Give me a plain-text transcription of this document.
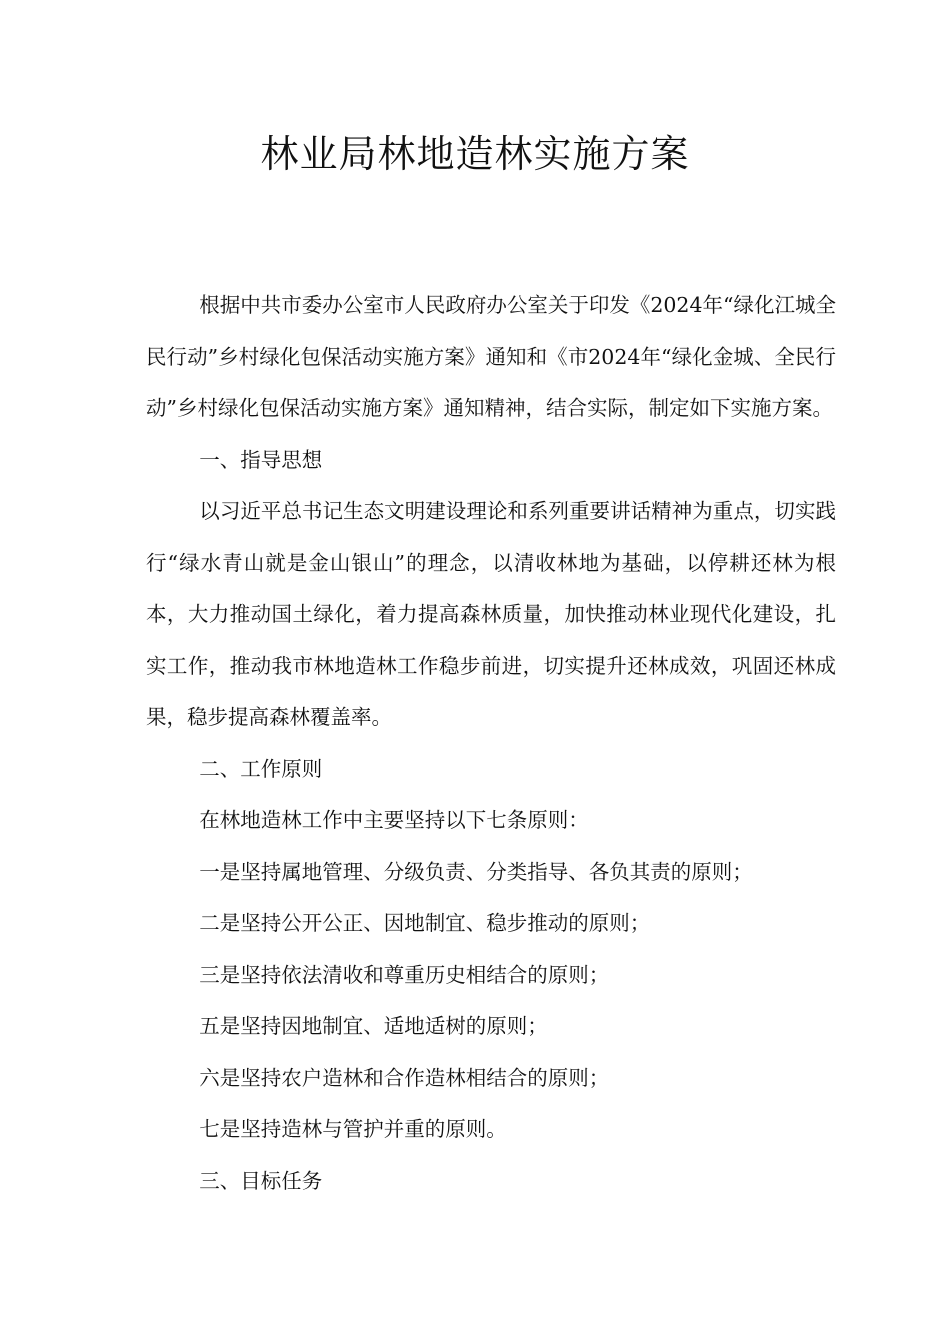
林业局林地造林实施方案

根据中共市委办公室市人民政府办公室关于印发《2024年“绿化江城全民行动”乡村绿化包保活动实施方案》通知和《市2024年“绿化金城、全民行动”乡村绿化包保活动实施方案》通知精神，结合实际，制定如下实施方案。

一、指导思想

以习近平总书记生态文明建设理论和系列重要讲话精神为重点，切实践行“绿水青山就是金山银山”的理念，以清收林地为基础，以停耕还林为根本，大力推动国土绿化，着力提高森林质量，加快推动林业现代化建设，扎实工作，推动我市林地造林工作稳步前进，切实提升还林成效，巩固还林成果，稳步提高森林覆盖率。

二、工作原则

在林地造林工作中主要坚持以下七条原则：

一是坚持属地管理、分级负责、分类指导、各负其责的原则；

二是坚持公开公正、因地制宜、稳步推动的原则；

三是坚持依法清收和尊重历史相结合的原则；

五是坚持因地制宜、适地适树的原则；

六是坚持农户造林和合作造林相结合的原则；

七是坚持造林与管护并重的原则。

三、目标任务
